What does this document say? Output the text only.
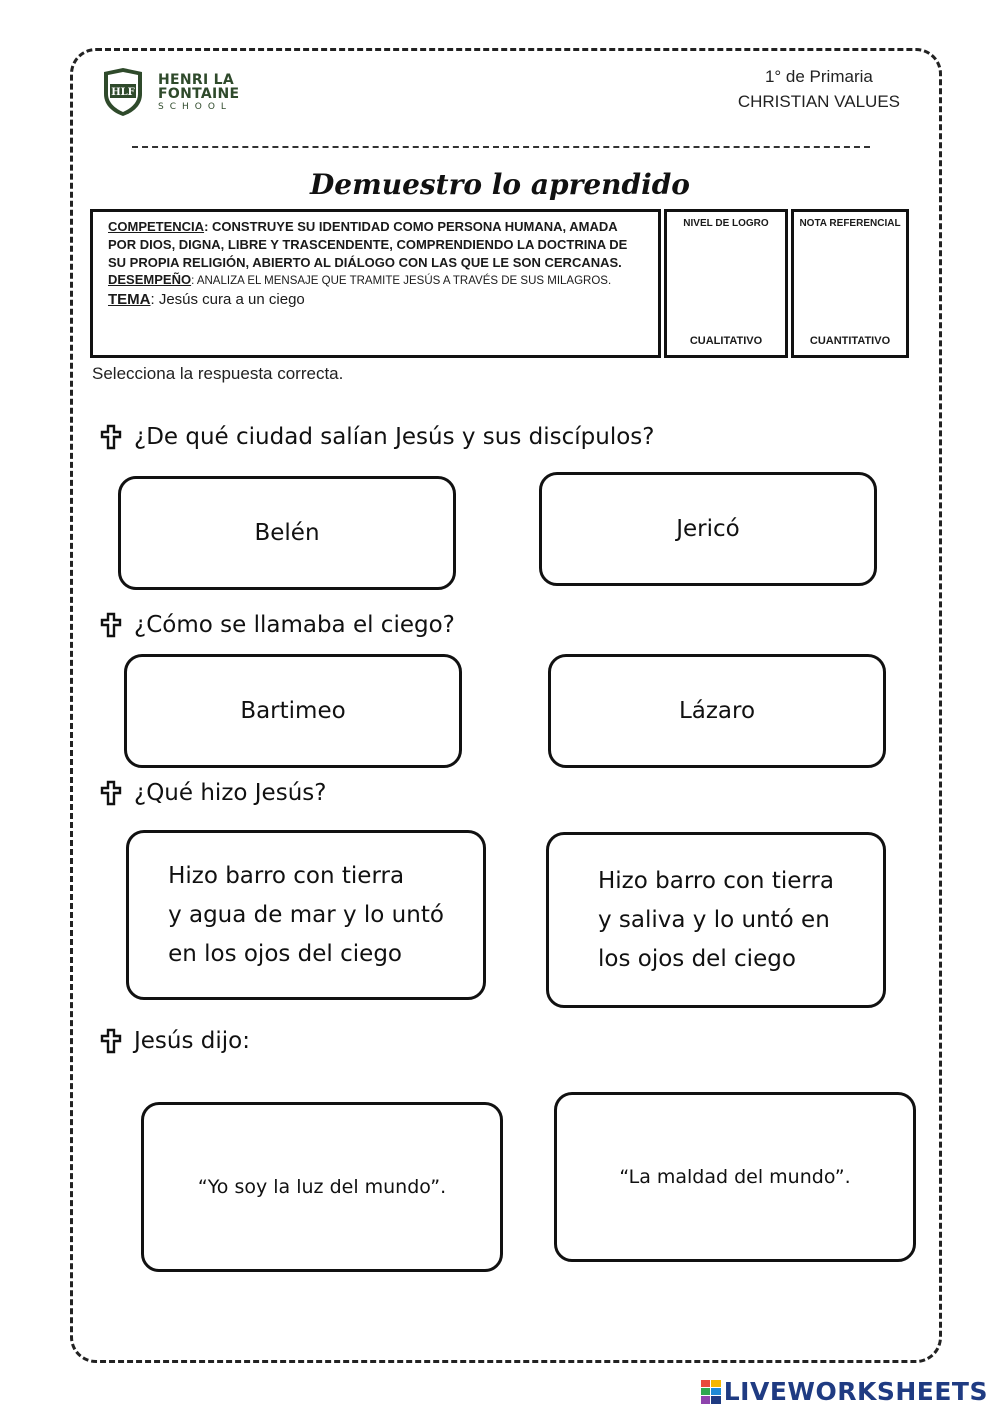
HLF
HENRI LA
FONTAINE
SCHOOL
1° de Primaria
CHRISTIAN VALUES
Demuestro lo aprendido
COMPETENCIA: CONSTRUYE SU IDENTIDAD COMO PERSONA HUMANA, AMADA POR DIOS, DIGNA, LIBRE Y TRASCENDENTE, COMPRENDIENDO LA DOCTRINA DE SU PROPIA RELIGIÓN, ABIERTO AL DIÁLOGO CON LAS QUE LE SON CERCANAS.
DESEMPEÑO: ANALIZA EL MENSAJE QUE TRAMITE JESÚS A TRAVÉS DE SUS MILAGROS.
TEMA: Jesús cura a un ciego
NIVEL DE LOGRO
CUALITATIVO
NOTA REFERENCIAL
CUANTITATIVO
Selecciona la respuesta correcta.
¿De qué ciudad salían Jesús y sus discípulos?
Belén	Jericó
¿Cómo se llamaba el ciego?
Bartimeo	Lázaro
¿Qué hizo Jesús?
Hizo barro con tierra
y agua de mar y lo untó
en los ojos del ciego
Hizo barro con tierra
y saliva y lo untó en
los ojos del ciego
Jesús dijo:
“Yo soy la luz del mundo”.	“La maldad del mundo”.
LIVEWORKSHEETS
